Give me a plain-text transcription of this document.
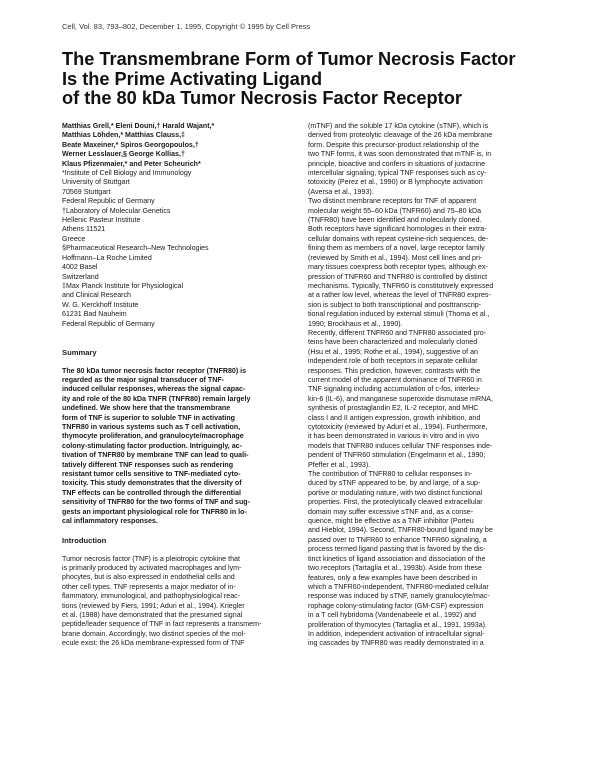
Cell, Vol. 83, 793–802, December 1, 1995, Copyright © 1995 by Cell Press
The Transmembrane Form of Tumor Necrosis Factor
Is the Prime Activating Ligand
of the 80 kDa Tumor Necrosis Factor Receptor
Matthias Grell,* Eleni Douni,† Harald Wajant,*
Matthias Löhden,* Matthias Clauss,‡
Beate Maxeiner,* Spiros Georgopoulos,†
Werner Lesslauer,§ George Kollias,†
Klaus Pfizenmaier,* and Peter Scheurich*
*Institute of Cell Biology and Immunology
University of Stuttgart
70569 Stuttgart
Federal Republic of Germany
†Laboratory of Molecular Genetics
Hellenic Pasteur Institute
Athens 11521
Greece
§Pharmaceutical Research–New Technologies
Hoffmann–La Roche Limited
4002 Basel
Switzerland
‡Max Planck Institute for Physiological
and Clinical Research
W. G. Kerckhoff Institute
61231 Bad Nauheim
Federal Republic of Germany
Summary
The 80 kDa tumor necrosis factor receptor (TNFR80) is
regarded as the major signal transducer of TNF-
induced cellular responses, whereas the signal capac-
ity and role of the 80 kDa TNFR (TNFR80) remain largely
undefined. We show here that the transmembrane
form of TNF is superior to soluble TNF in activating
TNFR80 in various systems such as T cell activation,
thymocyte proliferation, and granulocyte/macrophage
colony-stimulating factor production. Intriguingly, ac-
tivation of TNFR80 by membrane TNF can lead to quali-
tatively different TNF responses such as rendering
resistant tumor cells sensitive to TNF-mediated cyto-
toxicity. This study demonstrates that the diversity of
TNF effects can be controlled through the differential
sensitivity of TNFR80 for the two forms of TNF and sug-
gests an important physiological role for TNFR80 in lo-
cal inflammatory responses.
Introduction
Tumor necrosis factor (TNF) is a pleiotropic cytokine that
is primarily produced by activated macrophages and lym-
phocytes, but is also expressed in endothelial cells and
other cell types. TNF represents a major mediator of in-
flammatory, immunological, and pathophysiological reac-
tions (reviewed by Fiers, 1991; Aduri et al., 1994). Kriegler
et al. (1988) have demonstrated that the presumed signal
peptide/leader sequence of TNF in fact represents a transmem-
brane domain. Accordingly, two distinct species of the mol-
ecule exist: the 26 kDa membrane-expressed form of TNF
(mTNF) and the soluble 17 kDa cytokine (sTNF), which is
derived from proteolytic cleavage of the 26 kDa membrane
form. Despite this precursor-product relationship of the
two TNF forms, it was soon demonstrated that mTNF is, in
principle, bioactive and confers in situations of juxtacrine
intercellular signaling, typical TNF responses such as cy-
totoxicity (Perez et al., 1990) or B lymphocyte activation
(Aversa et al., 1993).
Two distinct membrane receptors for TNF of apparent
molecular weight 55–60 kDa (TNFR60) and 75–80 kDa
(TNFR80) have been identified and molecularly cloned.
Both receptors have significant homologies in their extra-
cellular domains with repeat cysteine-rich sequences, de-
fining them as members of a novel, large receptor family
(reviewed by Smith et al., 1994). Most cell lines and pri-
mary tissues coexpress both receptor types, although ex-
pression of TNFR60 and TNFR80 is controlled by distinct
mechanisms. Typically, TNFR60 is constitutively expressed
at a rather low level, whereas the level of TNFR80 expres-
sion is subject to both transcriptional and posttranscrip-
tional regulation induced by external stimuli (Thoma et al.,
1990; Brockhaus et al., 1990).
Recently, different TNFR60 and TNFR80 associated pro-
teins have been characterized and molecularly cloned
(Hsu et al., 1995; Rothe et al., 1994), suggestive of an
independent role of both receptors in separate cellular
responses. This prediction, however, contrasts with the
current model of the apparent dominance of TNFR60 in
TNF signaling including accumulation of c-fos, interleu-
kin-6 (IL-6), and manganese superoxide dismutase mRNA,
synthesis of prostaglandin E2, IL-2 receptor, and MHC
class I and II antigen expression, growth inhibition, and
cytotoxicity (reviewed by Aduri et al., 1994). Furthermore,
it has been demonstrated in various in vitro and in vivo
models that TNFR80 induces cellular TNF responses inde-
pendent of TNFR60 stimulation (Engelmann et al., 1990;
Pfeffer et al., 1993).
The contribution of TNFR80 to cellular responses in-
duced by sTNF appeared to be, by and large, of a sup-
portive or modulating nature, with two distinct functional
properties. First, the proteolytically cleaved extracellular
domain may suffer excessive sTNF and, as a conse-
quence, might be effective as a TNF inhibitor (Porteu
and Hieblot, 1994). Second, TNFR80-bound ligand may be
passed over to TNFR60 to enhance TNFR60 signaling, a
process termed ligand passing that is favored by the dis-
tinct kinetics of ligand association and dissociation of the
two receptors (Tartaglia et al., 1993b). Aside from these
features, only a few examples have been described in
which a TNFR60-independent, TNFR80-mediated cellular
response was induced by sTNF, namely granulocyte/mac-
rophage colony-stimulating factor (GM-CSF) expression
in a T cell hybridoma (Vandenabeele et al., 1992) and
proliferation of thymocytes (Tartaglia et al., 1991, 1993a).
In addition, independent activation of intracellular signal-
ing cascades by TNFR80 was readily demonstrated in a
